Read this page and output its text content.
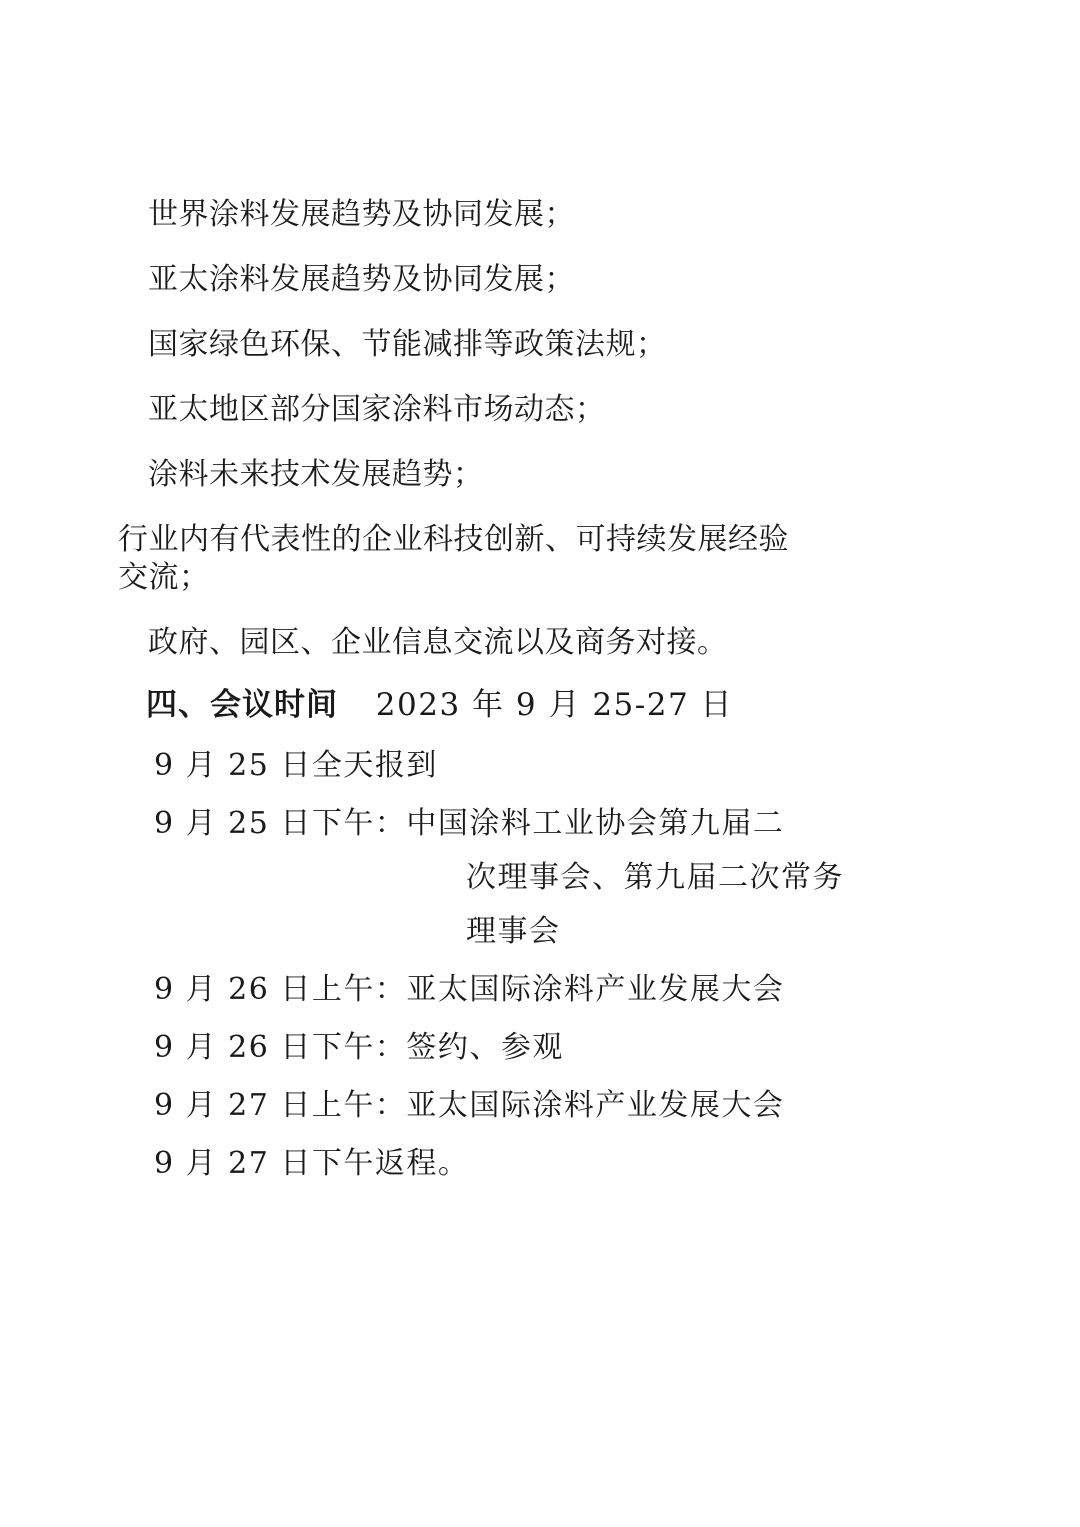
世界涂料发展趋势及协同发展；
亚太涂料发展趋势及协同发展；
国家绿色环保、节能减排等政策法规；
亚太地区部分国家涂料市场动态；
涂料未来技术发展趋势；
行业内有代表性的企业科技创新、可持续发展经验
交流；
政府、园区、企业信息交流以及商务对接。
四、会议时间 2023 年 9 月 25-27 日
9 月 25 日全天报到
9 月 25 日下午：中国涂料工业协会第九届二
次理事会、第九届二次常务
理事会
9 月 26 日上午：亚太国际涂料产业发展大会
9 月 26 日下午：签约、参观
9 月 27 日上午：亚太国际涂料产业发展大会
9 月 27 日下午返程。
